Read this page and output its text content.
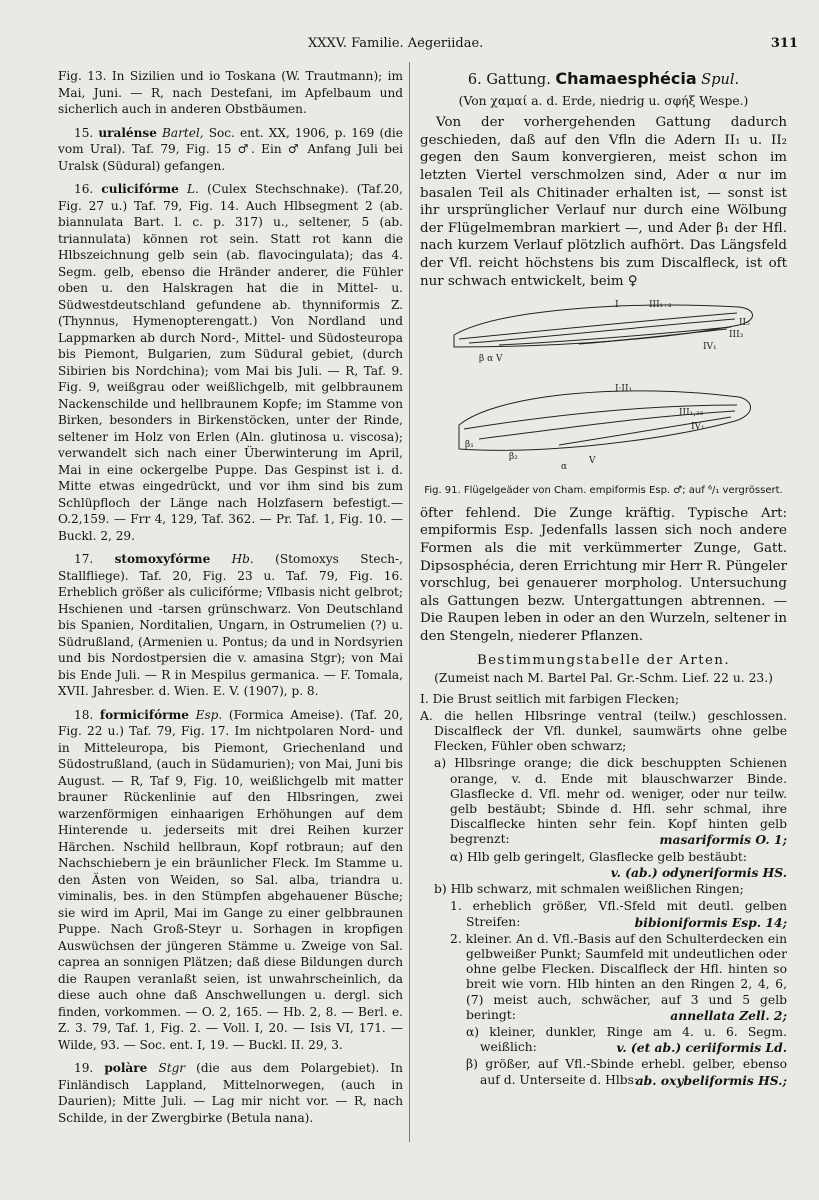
XXXV. Familie. Aegeriidae.	311

Fig. 13. In Sizilien und io Toskana (W. Trautmann); im Mai, Juni. — R, nach Destefani, im Apfelbaum und sicherlich auch in anderen Obstbäumen.

15. uralénse Bartel, Soc. ent. XX, 1906, p. 169 (die vom Ural). Taf. 79, Fig. 15 ♂. Ein ♂ Anfang Juli bei Uralsk (Südural) gefangen.

16. culicifórme L. (Culex Stechschnake). (Taf.20, Fig. 27 u.) Taf. 79, Fig. 14. Auch Hlbsegment 2 (ab. biannulata Bart. l. c. p. 317) u., seltener, 5 (ab. triannulata) können rot sein. Statt rot kann die Hlbszeichnung gelb sein (ab. flavocingulata); das 4. Segm. gelb, ebenso die Hränder anderer, die Fühler oben u. den Halskragen hat die in Mittel- u. Südwestdeutschland gefundene ab. thynniformis Z. (Thynnus, Hymenopterengatt.) Von Nordland und Lappmarken ab durch Nord-, Mittel- und Südosteuropa bis Piemont, Bulgarien, zum Südural gebiet, (durch Sibirien bis Nordchina); vom Mai bis Juli. — R, Taf. 9. Fig. 9, weißgrau oder weißlichgelb, mit gelbbraunem Nackenschilde und hellbraunem Kopfe; im Stamme von Birken, besonders in Birkenstöcken, unter der Rinde, seltener im Holz von Erlen (Aln. glutinosa u. viscosa); verwandelt sich nach einer Überwinterung im April, Mai in eine ockergelbe Puppe. Das Gespinst ist i. d. Mitte etwas eingedrückt, und vor ihm sind bis zum Schlüpfloch der Länge nach Holzfasern befestigt.—O.2,159. — Frr 4, 129, Taf. 362. — Pr. Taf. 1, Fig. 10. — Buckl. 2, 29.

17. stomoxyfórme Hb. (Stomoxys Stech-, Stallfliege). Taf. 20, Fig. 23 u. Taf. 79, Fig. 16. Erheblich größer als culicifórme; Vflbasis nicht gelbrot; Hschienen und -tarsen grünschwarz. Von Deutschland bis Spanien, Norditalien, Ungarn, in Ostrumelien (?) u. Südrußland, (Armenien u. Pontus; da und in Nordsyrien und bis Nordostpersien die v. amasina Stgr); von Mai bis Ende Juli. — R in Mespilus germanica. — F. Tomala, XVII. Jahresber. d. Wien. E. V. (1907), p. 8.

18. formicifórme Esp. (Formica Ameise). (Taf. 20, Fig. 22 u.) Taf. 79, Fig. 17. Im nichtpolaren Nord- und in Mitteleuropa, bis Piemont, Griechenland und Südostrußland, (auch in Südamurien); von Mai, Juni bis August. — R, Taf 9, Fig. 10, weißlichgelb mit matter brauner Rückenlinie auf den Hlbsringen, zwei warzenförmigen einhaarigen Erhöhungen auf dem Hinterende u. jederseits mit drei Reihen kurzer Härchen. Nschild hellbraun, Kopf rotbraun; auf den Nachschiebern je ein bräunlicher Fleck. Im Stamme u. den Ästen von Weiden, so Sal. alba, triandra u. viminalis, bes. in den Stümpfen abgehauener Büsche; sie wird im April, Mai im Gange zu einer gelbbraunen Puppe. Nach Groß-Steyr u. Sorhagen in kropfigen Auswüchsen der jüngeren Stämme u. Zweige von Sal. caprea an sonnigen Plätzen; daß diese Bildungen durch die Raupen veranlaßt seien, ist unwahrscheinlich, da diese auch ohne daß Anschwellungen u. dergl. sich finden, vorkommen. — O. 2, 165. — Hb. 2, 8. — Berl. e. Z. 3. 79, Taf. 1, Fig. 2. — Voll. I, 20. — Isis VI, 171. — Wilde, 93. — Soc. ent. I, 19. — Buckl. II. 29, 3.

19. polàre Stgr (die aus dem Polargebiet). In Finländisch Lappland, Mittelnorwegen, (auch in Daurien); Mitte Juli. — Lag mir nicht vor. — R, nach Schilde, in der Zwergbirke (Betula nana).

6. Gattung. Chamaesphécia Spul.
(Von χαμαί a. d. Erde, niedrig u. σφήξ Wespe.)

Von der vorhergehenden Gattung dadurch geschieden, daß auf den Vfln die Adern II₁ u. II₂ gegen den Saum konvergieren, meist schon im letzten Viertel verschmolzen sind, Ader α nur im basalen Teil als Chitinader erhalten ist, — sonst ist ihr ursprünglicher Verlauf nur durch eine Wölbung der Flügelmembran markiert —, und Ader β₁ der Hfl. nach kurzem Verlauf plötzlich aufhört. Das Längsfeld der Vfl. reicht höchstens bis zum Discalfleck, ist oft nur schwach entwickelt, beim ♀

I	III₁₊₂
II₅
III₃
IV₁
β α V
I·II₁
III₁,₂₃
IV₁
β₁
β₂
α
V
Fig. 91. Flügelgeäder von Cham. empiformis Esp. ♂; auf ⁶/₁ vergrössert.

öfter fehlend. Die Zunge kräftig. Typische Art: empiformis Esp. Jedenfalls lassen sich noch andere Formen als die mit verkümmerter Zunge, Gatt. Dipsosphécia, deren Errichtung mir Herr R. Püngeler vorschlug, bei genauerer morpholog. Untersuchung als Gattungen bezw. Untergattungen abtrennen. — Die Raupen leben in oder an den Wurzeln, seltener in den Stengeln, niederer Pflanzen.

Bestimmungstabelle der Arten.
(Zumeist nach M. Bartel Pal. Gr.-Schm. Lief. 22 u. 23.)
I. Die Brust seitlich mit farbigen Flecken;
A. die hellen Hlbsringe ventral (teilw.) geschlossen. Discalfleck der Vfl. dunkel, saumwärts ohne gelbe Flecken, Fühler oben schwarz;
a) Hlbsringe orange; die dick beschuppten Schienen orange, v. d. Ende mit blauschwarzer Binde. Glasflecke d. Vfl. mehr od. weniger, oder nur teilw. gelb bestäubt; Sbinde d. Hfl. sehr schmal, ihre Discalflecke hinten sehr fein. Kopf hinten gelb begrenzt:	masariformis O. 1;
α) Hlb gelb geringelt, Glasflecke gelb bestäubt:
v. (ab.) odyneriformis HS.
b) Hlb schwarz, mit schmalen weißlichen Ringen;
1. erheblich größer, Vfl.-Sfeld mit deutl. gelben Streifen:	bibioniformis Esp. 14;
2. kleiner. An d. Vfl.-Basis auf den Schulterdecken ein gelbweißer Punkt; Saumfeld mit undeutlichen oder ohne gelbe Flecken. Discalfleck der Hfl. hinten so breit wie vorn. Hlb hinten an den Ringen 2, 4, 6, (7) meist auch, schwächer, auf 3 und 5 gelb beringt:	annellata Zell. 2;
α) kleiner, dunkler, Ringe am 4. u. 6. Segm. weißlich:	v. (et ab.) ceriiformis Ld.
β) größer, auf Vfl.-Sbinde erhebl. gelber, ebenso auf d. Unterseite d. Hlbs:
ab. oxybeliformis HS.;
